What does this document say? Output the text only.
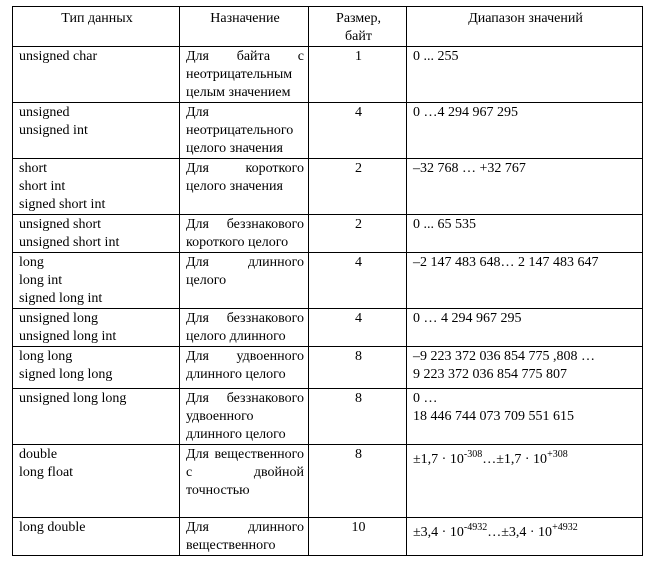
Тип данных	Назначение	Размер,
байт	Диапазон значений

unsigned char	Для байта с неотрицательным целым значением	1	0 ... 255

unsigned
unsigned int	Для неотрицательного целого значения	4	0 …4 294 967 295

short
short int
signed short int	Для короткого целого значения	2	–32 768 … +32 767

unsigned short
unsigned short int	Для беззнакового короткого целого	2	0 ... 65 535

long
long int
signed long int	Для длинного целого	4	–2 147 483 648… 2 147 483 647

unsigned long
unsigned long int	Для беззнакового целого длинного	4	0 … 4 294 967 295

long long
signed long long	Для удвоенного длинного целого	8	–9 223 372 036 854 775 ,808 …
9 223 372 036 854 775 807

unsigned long long	Для беззнакового удвоенного длинного целого	8	0 …
18 446 744 073 709 551 615

double
long float	Для вещественного с двойной точностью	8	$\pm 1,7 \cdot 10^{-308}\dots\pm 1,7 \cdot 10^{+308}$

long double	Для длинного вещественного	10	$\pm 3,4 \cdot 10^{-4932}\dots\pm 3,4 \cdot 10^{+4932}$
